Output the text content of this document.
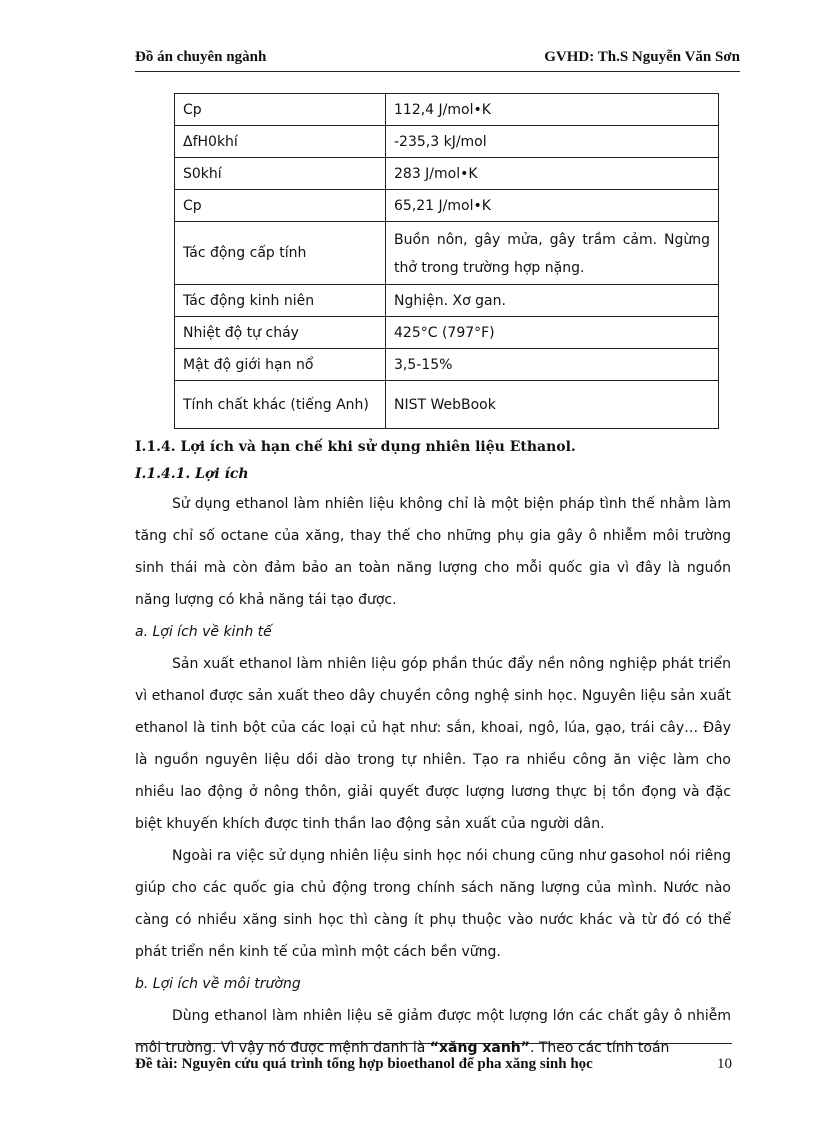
Đồ án chuyên ngành	GVHD: Th.S Nguyễn Văn Sơn
Cp	112,4 J/mol•K
ΔfH0khí	-235,3 kJ/mol
S0khí	283 J/mol•K
Cp	65,21 J/mol•K
Tác động cấp tính	Buồn nôn, gây mửa, gây trầm cảm. Ngừng thở trong trường hợp nặng.
Tác động kinh niên	Nghiện. Xơ gan.
Nhiệt độ tự cháy	425°C (797°F)
Mật độ giới hạn nổ	3,5-15%
Tính chất khác (tiếng Anh)	NIST WebBook

I.1.4. Lợi ích và hạn chế khi sử dụng nhiên liệu Ethanol.

I.1.4.1. Lợi ích

Sử dụng ethanol làm nhiên liệu không chỉ là một biện pháp tình thế nhằm làm tăng chỉ số octane của xăng, thay thế cho những phụ gia gây ô nhiễm môi trường sinh thái mà còn đảm bảo an toàn năng lượng cho mỗi quốc gia vì đây là nguồn năng lượng có khả năng tái tạo được.

a. Lợi ích về kinh tế

Sản xuất ethanol làm nhiên liệu góp phần thúc đẩy nền nông nghiệp phát triển vì ethanol được sản xuất theo dây chuyền công nghệ sinh học. Nguyên liệu sản xuất ethanol là tinh bột của các loại củ hạt như: sắn, khoai, ngô, lúa, gạo, trái cây… Đây là nguồn nguyên liệu dồi dào trong tự nhiên. Tạo ra nhiều công ăn việc làm cho nhiều lao động ở nông thôn, giải quyết được lượng lương thực bị tồn đọng và đặc biệt khuyến khích được tinh thần lao động sản xuất của người dân.

Ngoài ra việc sử dụng nhiên liệu sinh học nói chung cũng như gasohol nói riêng giúp cho các quốc gia chủ động trong chính sách năng lượng của mình. Nước nào càng có nhiều xăng sinh học thì càng ít phụ thuộc vào nước khác và từ đó có thể phát triển nền kinh tế của mình một cách bền vững.

b. Lợi ích về môi trường

Dùng ethanol làm nhiên liệu sẽ giảm được một lượng lớn các chất gây ô nhiễm môi trường. Vì vậy nó được mệnh danh là “xăng xanh”. Theo các tính toán

Đề tài: Nguyên cứu quá trình tổng hợp bioethanol để pha xăng sinh học	10
